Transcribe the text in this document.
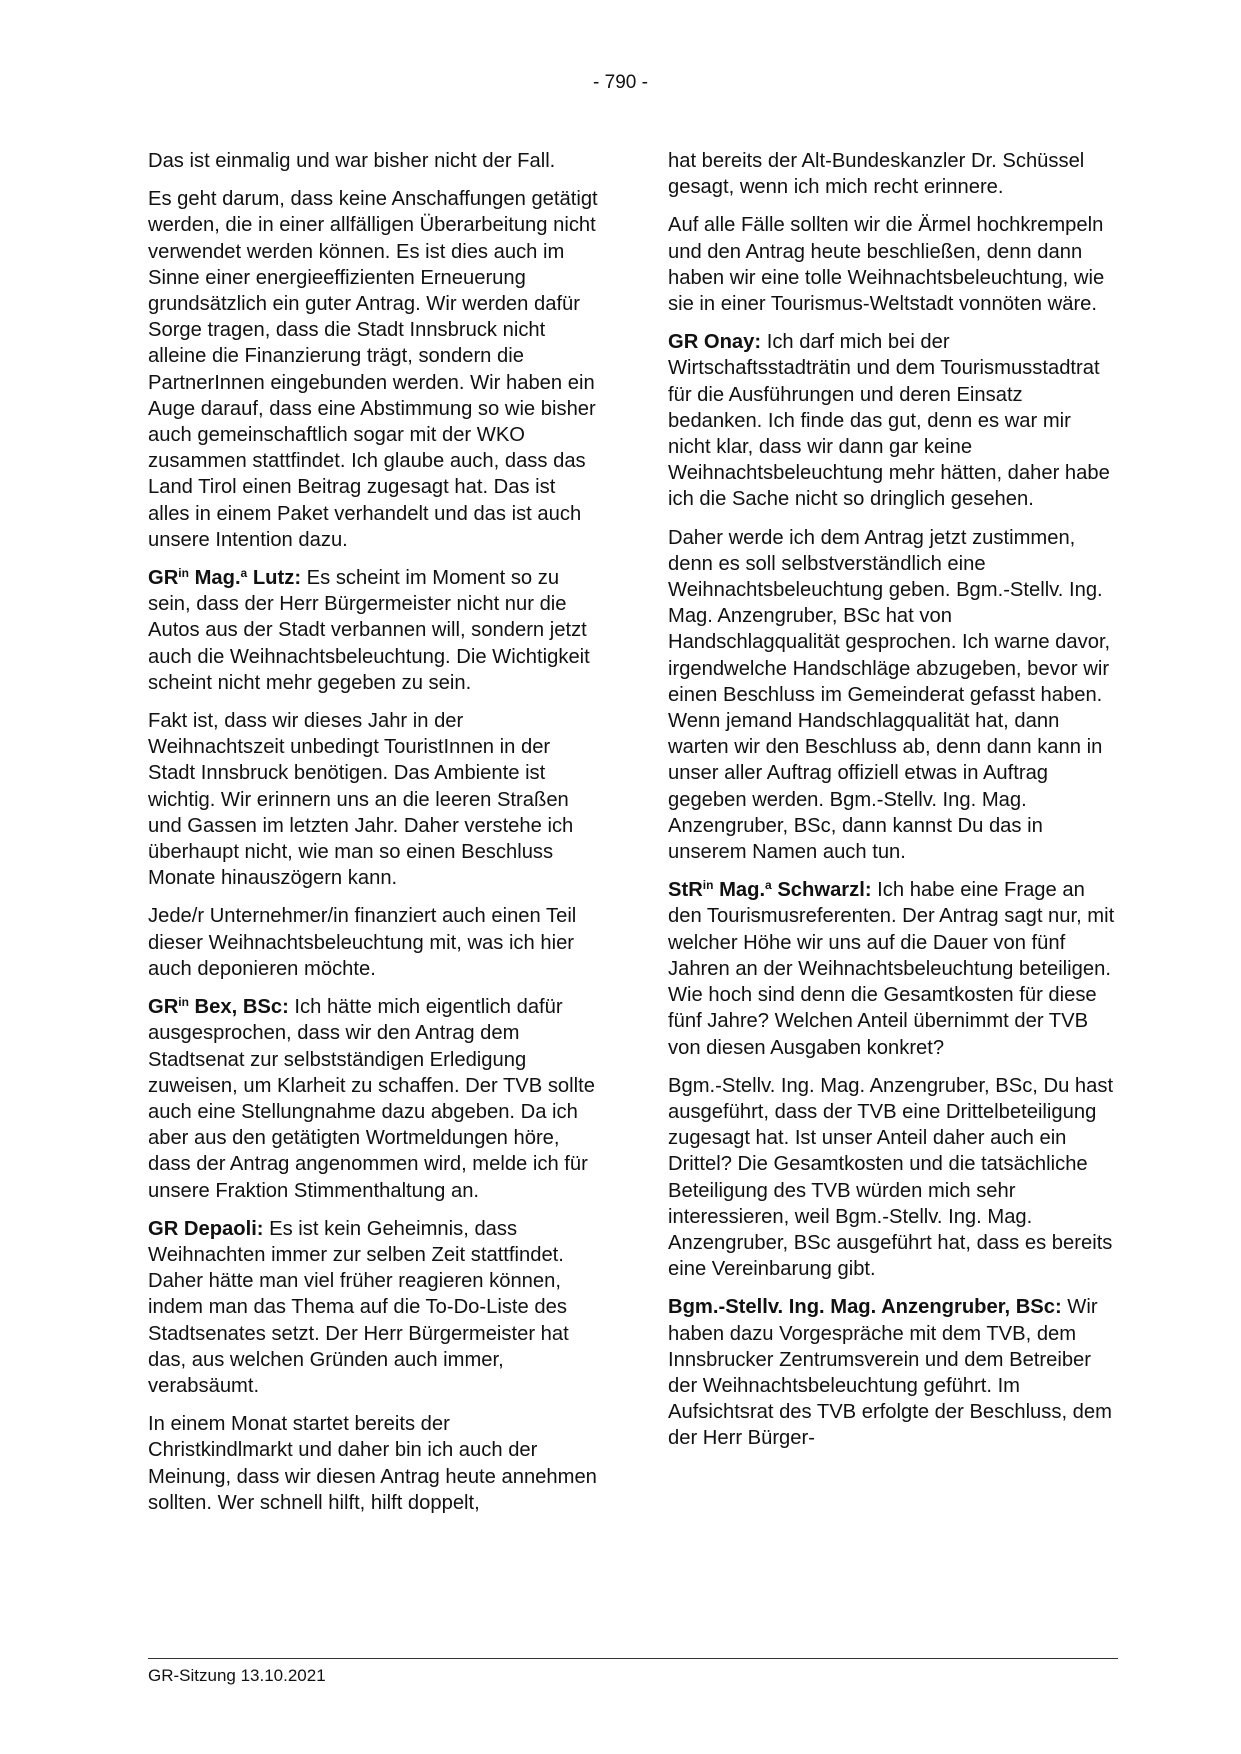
- 790 -

Das ist einmalig und war bisher nicht der Fall.

Es geht darum, dass keine Anschaffungen getätigt werden, die in einer allfälligen Überarbeitung nicht verwendet werden können. Es ist dies auch im Sinne einer energieeffizienten Erneuerung grundsätzlich ein guter Antrag. Wir werden dafür Sorge tragen, dass die Stadt Innsbruck nicht alleine die Finanzierung trägt, sondern die PartnerInnen eingebunden werden. Wir haben ein Auge darauf, dass eine Abstimmung so wie bisher auch gemeinschaftlich sogar mit der WKO zusammen stattfindet. Ich glaube auch, dass das Land Tirol einen Beitrag zugesagt hat. Das ist alles in einem Paket verhandelt und das ist auch unsere Intention dazu.

$GR^{in}$ Mag.$^a$ Lutz: Es scheint im Moment so zu sein, dass der Herr Bürgermeister nicht nur die Autos aus der Stadt verbannen will, sondern jetzt auch die Weihnachtsbeleuchtung. Die Wichtigkeit scheint nicht mehr gegeben zu sein.

Fakt ist, dass wir dieses Jahr in der Weihnachtszeit unbedingt TouristInnen in der Stadt Innsbruck benötigen. Das Ambiente ist wichtig. Wir erinnern uns an die leeren Straßen und Gassen im letzten Jahr. Daher verstehe ich überhaupt nicht, wie man so einen Beschluss Monate hinauszögern kann.

Jede/r Unternehmer/in finanziert auch einen Teil dieser Weihnachtsbeleuchtung mit, was ich hier auch deponieren möchte.

$GR^{in}$ Bex, BSc: Ich hätte mich eigentlich dafür ausgesprochen, dass wir den Antrag dem Stadtsenat zur selbstständigen Erledigung zuweisen, um Klarheit zu schaffen. Der TVB sollte auch eine Stellungnahme dazu abgeben. Da ich aber aus den getätigten Wortmeldungen höre, dass der Antrag angenommen wird, melde ich für unsere Fraktion Stimmenthaltung an.

GR Depaoli: Es ist kein Geheimnis, dass Weihnachten immer zur selben Zeit stattfindet. Daher hätte man viel früher reagieren können, indem man das Thema auf die To-Do-Liste des Stadtsenates setzt. Der Herr Bürgermeister hat das, aus welchen Gründen auch immer, verabsäumt.

In einem Monat startet bereits der Christkindlmarkt und daher bin ich auch der Meinung, dass wir diesen Antrag heute annehmen sollten. Wer schnell hilft, hilft doppelt,

hat bereits der Alt-Bundeskanzler Dr. Schüssel gesagt, wenn ich mich recht erinnere.

Auf alle Fälle sollten wir die Ärmel hochkrempeln und den Antrag heute beschließen, denn dann haben wir eine tolle Weihnachtsbeleuchtung, wie sie in einer Tourismus-Weltstadt vonnöten wäre.

GR Onay: Ich darf mich bei der Wirtschaftsstadträtin und dem Tourismusstadtrat für die Ausführungen und deren Einsatz bedanken. Ich finde das gut, denn es war mir nicht klar, dass wir dann gar keine Weihnachtsbeleuchtung mehr hätten, daher habe ich die Sache nicht so dringlich gesehen.

Daher werde ich dem Antrag jetzt zustimmen, denn es soll selbstverständlich eine Weihnachtsbeleuchtung geben. Bgm.-Stellv. Ing. Mag. Anzengruber, BSc hat von Handschlagqualität gesprochen. Ich warne davor, irgendwelche Handschläge abzugeben, bevor wir einen Beschluss im Gemeinderat gefasst haben. Wenn jemand Handschlagqualität hat, dann warten wir den Beschluss ab, denn dann kann in unser aller Auftrag offiziell etwas in Auftrag gegeben werden. Bgm.-Stellv. Ing. Mag. Anzengruber, BSc, dann kannst Du das in unserem Namen auch tun.

StR$^{in}$ Mag.$^a$ Schwarzl: Ich habe eine Frage an den Tourismusreferenten. Der Antrag sagt nur, mit welcher Höhe wir uns auf die Dauer von fünf Jahren an der Weihnachtsbeleuchtung beteiligen. Wie hoch sind denn die Gesamtkosten für diese fünf Jahre? Welchen Anteil übernimmt der TVB von diesen Ausgaben konkret?

Bgm.-Stellv. Ing. Mag. Anzengruber, BSc, Du hast ausgeführt, dass der TVB eine Drittelbeteiligung zugesagt hat. Ist unser Anteil daher auch ein Drittel? Die Gesamtkosten und die tatsächliche Beteiligung des TVB würden mich sehr interessieren, weil Bgm.-Stellv. Ing. Mag. Anzengruber, BSc ausgeführt hat, dass es bereits eine Vereinbarung gibt.

Bgm.-Stellv. Ing. Mag. Anzengruber, BSc: Wir haben dazu Vorgespräche mit dem TVB, dem Innsbrucker Zentrumsverein und dem Betreiber der Weihnachtsbeleuchtung geführt. Im Aufsichtsrat des TVB erfolgte der Beschluss, dem der Herr Bürger-

GR-Sitzung 13.10.2021
